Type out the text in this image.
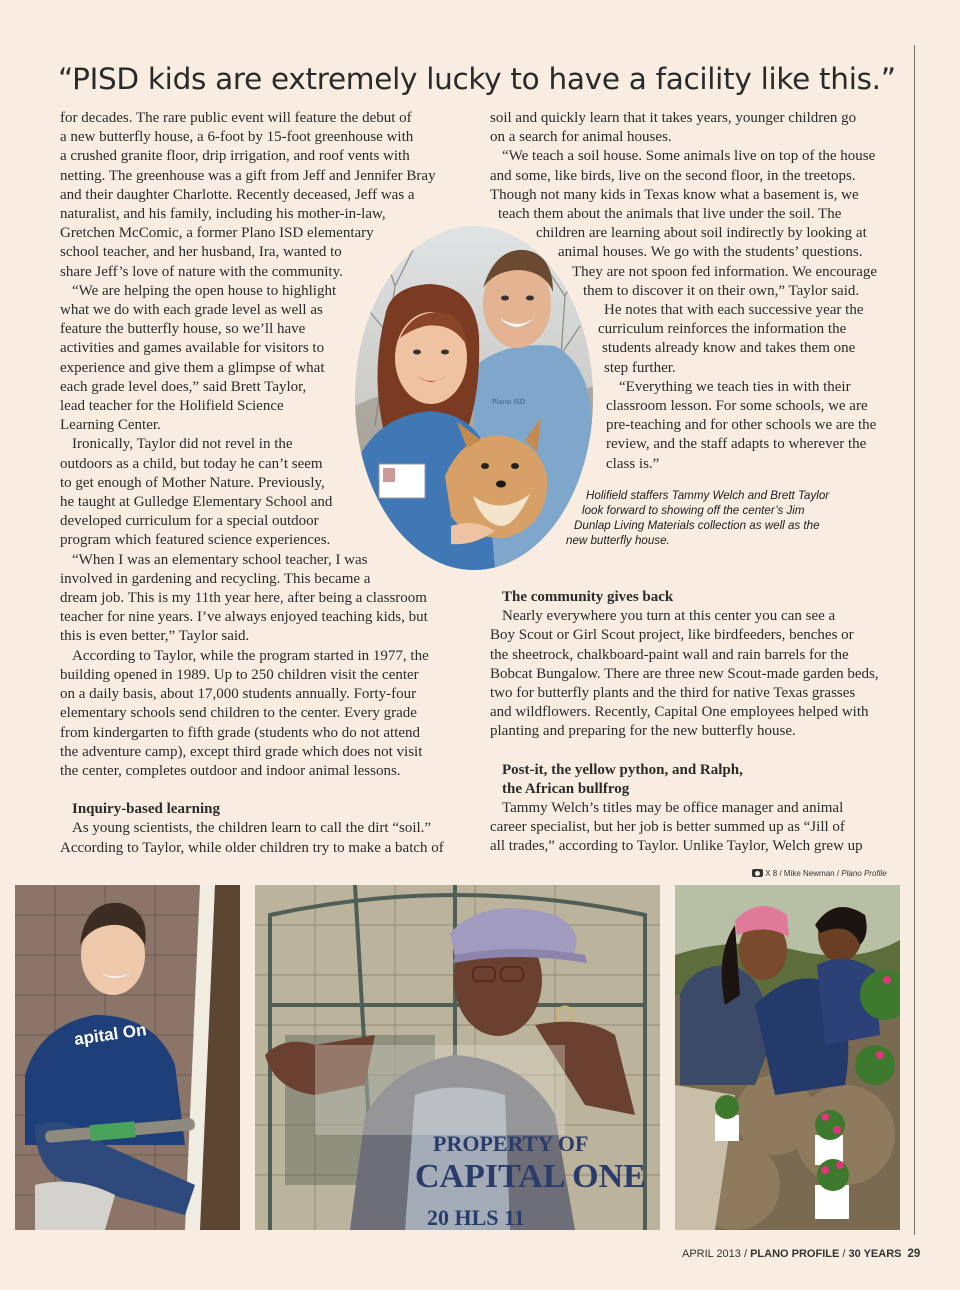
“PISD kids are extremely lucky to have a facility like this.”

for decades. The rare public event will feature the debut of
a new butterfly house, a 6-foot by 15-foot greenhouse with
a crushed granite floor, drip irrigation, and roof vents with
netting. The greenhouse was a gift from Jeff and Jennifer Bray
and their daughter Charlotte. Recently deceased, Jeff was a
naturalist, and his family, including his mother-in-law,
Gretchen McComic, a former Plano ISD elementary
school teacher, and her husband, Ira, wanted to
share Jeff’s love of nature with the community.

“We are helping the open house to highlight
what we do with each grade level as well as
feature the butterfly house, so we’ll have
activities and games available for visitors to
experience and give them a glimpse of what
each grade level does,” said Brett Taylor,
lead teacher for the Holifield Science
Learning Center.

Ironically, Taylor did not revel in the
outdoors as a child, but today he can’t seem
to get enough of Mother Nature. Previously,
he taught at Gulledge Elementary School and
developed curriculum for a special outdoor
program which featured science experiences.

“When I was an elementary school teacher, I was
involved in gardening and recycling. This became a
dream job. This is my 11th year here, after being a classroom
teacher for nine years. I’ve always enjoyed teaching kids, but
this is even better,” Taylor said.

According to Taylor, while the program started in 1977, the
building opened in 1989. Up to 250 children visit the center
on a daily basis, about 17,000 students annually. Forty-four
elementary schools send children to the center. Every grade
from kindergarten to fifth grade (students who do not attend
the adventure camp), except third grade which does not visit
the center, completes outdoor and indoor animal lessons.

Inquiry-based learning

As young scientists, the children learn to call the dirt “soil.”
According to Taylor, while older children try to make a batch of

Plano ISD

soil and quickly learn that it takes years, younger children go
on a search for animal houses.

“We teach a soil house. Some animals live on top of the house
and some, like birds, live on the second floor, in the treetops.
Though not many kids in Texas know what a basement is, we
teach them about the animals that live under the soil. The
children are learning about soil indirectly by looking at
animal houses. We go with the students’ questions.
They are not spoon fed information. We encourage
them to discover it on their own,” Taylor said.

He notes that with each successive year the
curriculum reinforces the information the
students already know and takes them one
step further.

“Everything we teach ties in with their
classroom lesson. For some schools, we are
pre-teaching and for other schools we are the
review, and the staff adapts to wherever the
class is.”

Holifield staffers Tammy Welch and Brett Taylor
look forward to showing off the center’s Jim
Dunlap Living Materials collection as well as the
new butterfly house.
The community gives back

Nearly everywhere you turn at this center you can see a
Boy Scout or Girl Scout project, like birdfeeders, benches or
the sheetrock, chalkboard-paint wall and rain barrels for the
Bobcat Bungalow. There are three new Scout-made garden beds,
two for butterfly plants and the third for native Texas grasses
and wildflowers. Recently, Capital One employees helped with
planting and preparing for the new butterfly house.

Post-it, the yellow python, and Ralph,
the African bullfrog

Tammy Welch’s titles may be office manager and animal
career specialist, but her job is better summed up as “Jill of
all trades,” according to Taylor. Unlike Taylor, Welch grew up

X 8 / Mike Newman / Plano Profile
apital On
PROPERTY OF
CAPITAL ONE
20 HLS 11
APRIL 2013 / PLANO PROFILE / 30 YEARS 29
